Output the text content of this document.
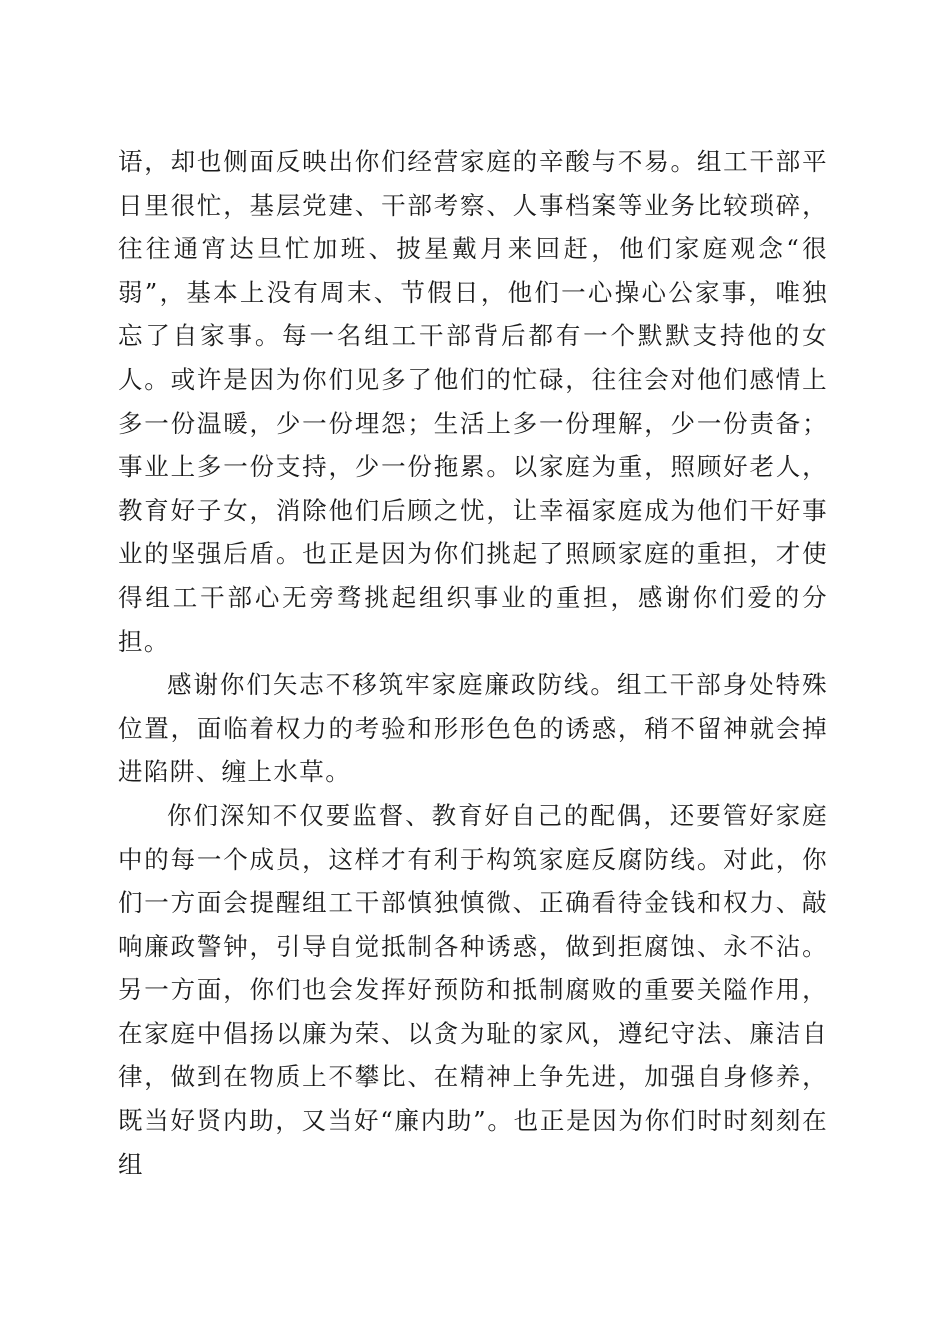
语，却也侧面反映出你们经营家庭的辛酸与不易。组工干部平日里很忙，基层党建、干部考察、人事档案等业务比较琐碎，往往通宵达旦忙加班、披星戴月来回赶，他们家庭观念“很弱”，基本上没有周末、节假日，他们一心操心公家事，唯独忘了自家事。每一名组工干部背后都有一个默默支持他的女人。或许是因为你们见多了他们的忙碌，往往会对他们感情上多一份温暖，少一份埋怨；生活上多一份理解，少一份责备；事业上多一份支持，少一份拖累。以家庭为重，照顾好老人，教育好子女，消除他们后顾之忧，让幸福家庭成为他们干好事业的坚强后盾。也正是因为你们挑起了照顾家庭的重担，才使得组工干部心无旁骛挑起组织事业的重担，感谢你们爱的分担。

感谢你们矢志不移筑牢家庭廉政防线。组工干部身处特殊位置，面临着权力的考验和形形色色的诱惑，稍不留神就会掉进陷阱、缠上水草。

你们深知不仅要监督、教育好自己的配偶，还要管好家庭中的每一个成员，这样才有利于构筑家庭反腐防线。对此，你们一方面会提醒组工干部慎独慎微、正确看待金钱和权力、敲响廉政警钟，引导自觉抵制各种诱惑，做到拒腐蚀、永不沾。另一方面，你们也会发挥好预防和抵制腐败的重要关隘作用，在家庭中倡扬以廉为荣、以贪为耻的家风，遵纪守法、廉洁自律，做到在物质上不攀比、在精神上争先进，加强自身修养，既当好贤内助，又当好“廉内助”。也正是因为你们时时刻刻在组
